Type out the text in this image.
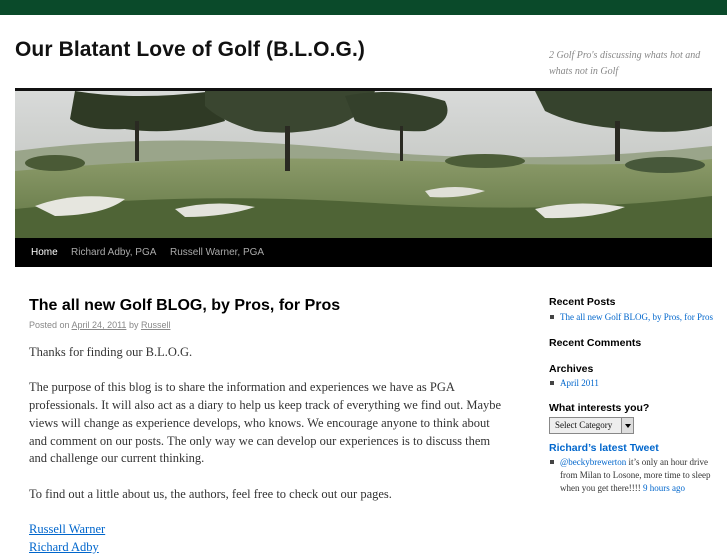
Our Blatant Love of Golf (B.L.O.G.)	2 Golf Pro's discussing whats hot and whats not in Golf
Home Richard Adby, PGA Russell Warner, PGA
The all new Golf BLOG, by Pros, for Pros
Posted on April 24, 2011 by Russell

Thanks for finding our B.L.O.G.

The purpose of this blog is to share the information and experiences we have as PGA professionals. It will also act as a diary to help us keep track of everything we find out. Maybe views will change as experience develops, who knows. We encourage anyone to think about and comment on our posts. The only way we can develop our experiences is to discuss them and challenge our current thinking.

To find out a little about us, the authors, feel free to check out our pages.

Russell Warner
Richard Adby
Recent Posts
The all new Golf BLOG, by Pros, for Pros
Recent Comments
Archives
April 2011
What interests you?
Select Category
Richard’s latest Tweet
@beckybrewerton it’s only an hour drive from Milan to Losone, more time to sleep when you get there!!!! 9 hours ago
